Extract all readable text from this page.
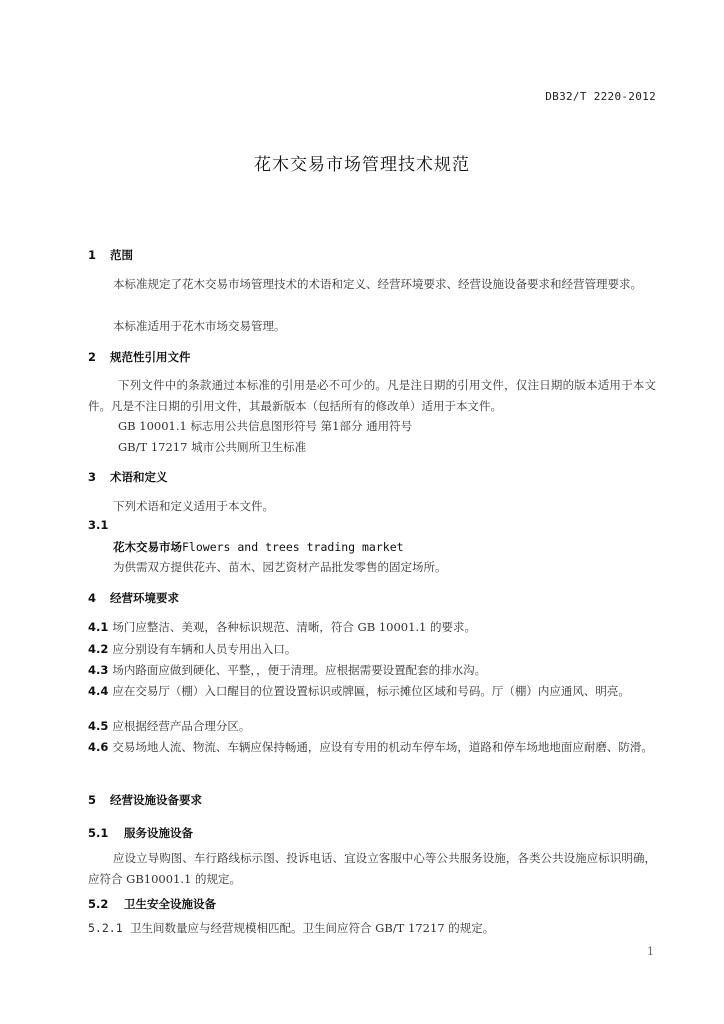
DB32/T 2220-2012
花木交易市场管理技术规范
1 范围
本标准规定了花木交易市场管理技术的术语和定义、经营环境要求、经营设施设备要求和经营管理要求。
本标准适用于花木市场交易管理。
2 规范性引用文件
下列文件中的条款通过本标准的引用是必不可少的。凡是注日期的引用文件，仅注日期的版本适用于本文件。凡是不注日期的引用文件，其最新版本（包括所有的修改单）适用于本文件。
GB 10001.1 标志用公共信息图形符号 第1部分 通用符号
GB/T 17217 城市公共厕所卫生标准
3 术语和定义
下列术语和定义适用于本文件。
3.1
花木交易市场Flowers and trees trading market
为供需双方提供花卉、苗木、园艺资材产品批发零售的固定场所。
4 经营环境要求
4.1 场门应整洁、美观，各种标识规范、清晰，符合 GB 10001.1 的要求。
4.2 应分别设有车辆和人员专用出入口。
4.3 场内路面应做到硬化、平整，，便于清理。应根据需要设置配套的排水沟。
4.4 应在交易厅（棚）入口醒目的位置设置标识或牌匾，标示摊位区域和号码。厅（棚）内应通风、明亮。
4.5 应根据经营产品合理分区。
4.6 交易场地人流、物流、车辆应保持畅通，应设有专用的机动车停车场，道路和停车场地地面应耐磨、防滑。
5 经营设施设备要求
5.1 服务设施设备
应设立导购图、车行路线标示图、投诉电话、宜设立客服中心等公共服务设施，各类公共设施应标识明确，应符合 GB10001.1 的规定。
5.2 卫生安全设施设备
5.2.1 卫生间数量应与经营规模相匹配。卫生间应符合 GB/T 17217 的规定。
1
